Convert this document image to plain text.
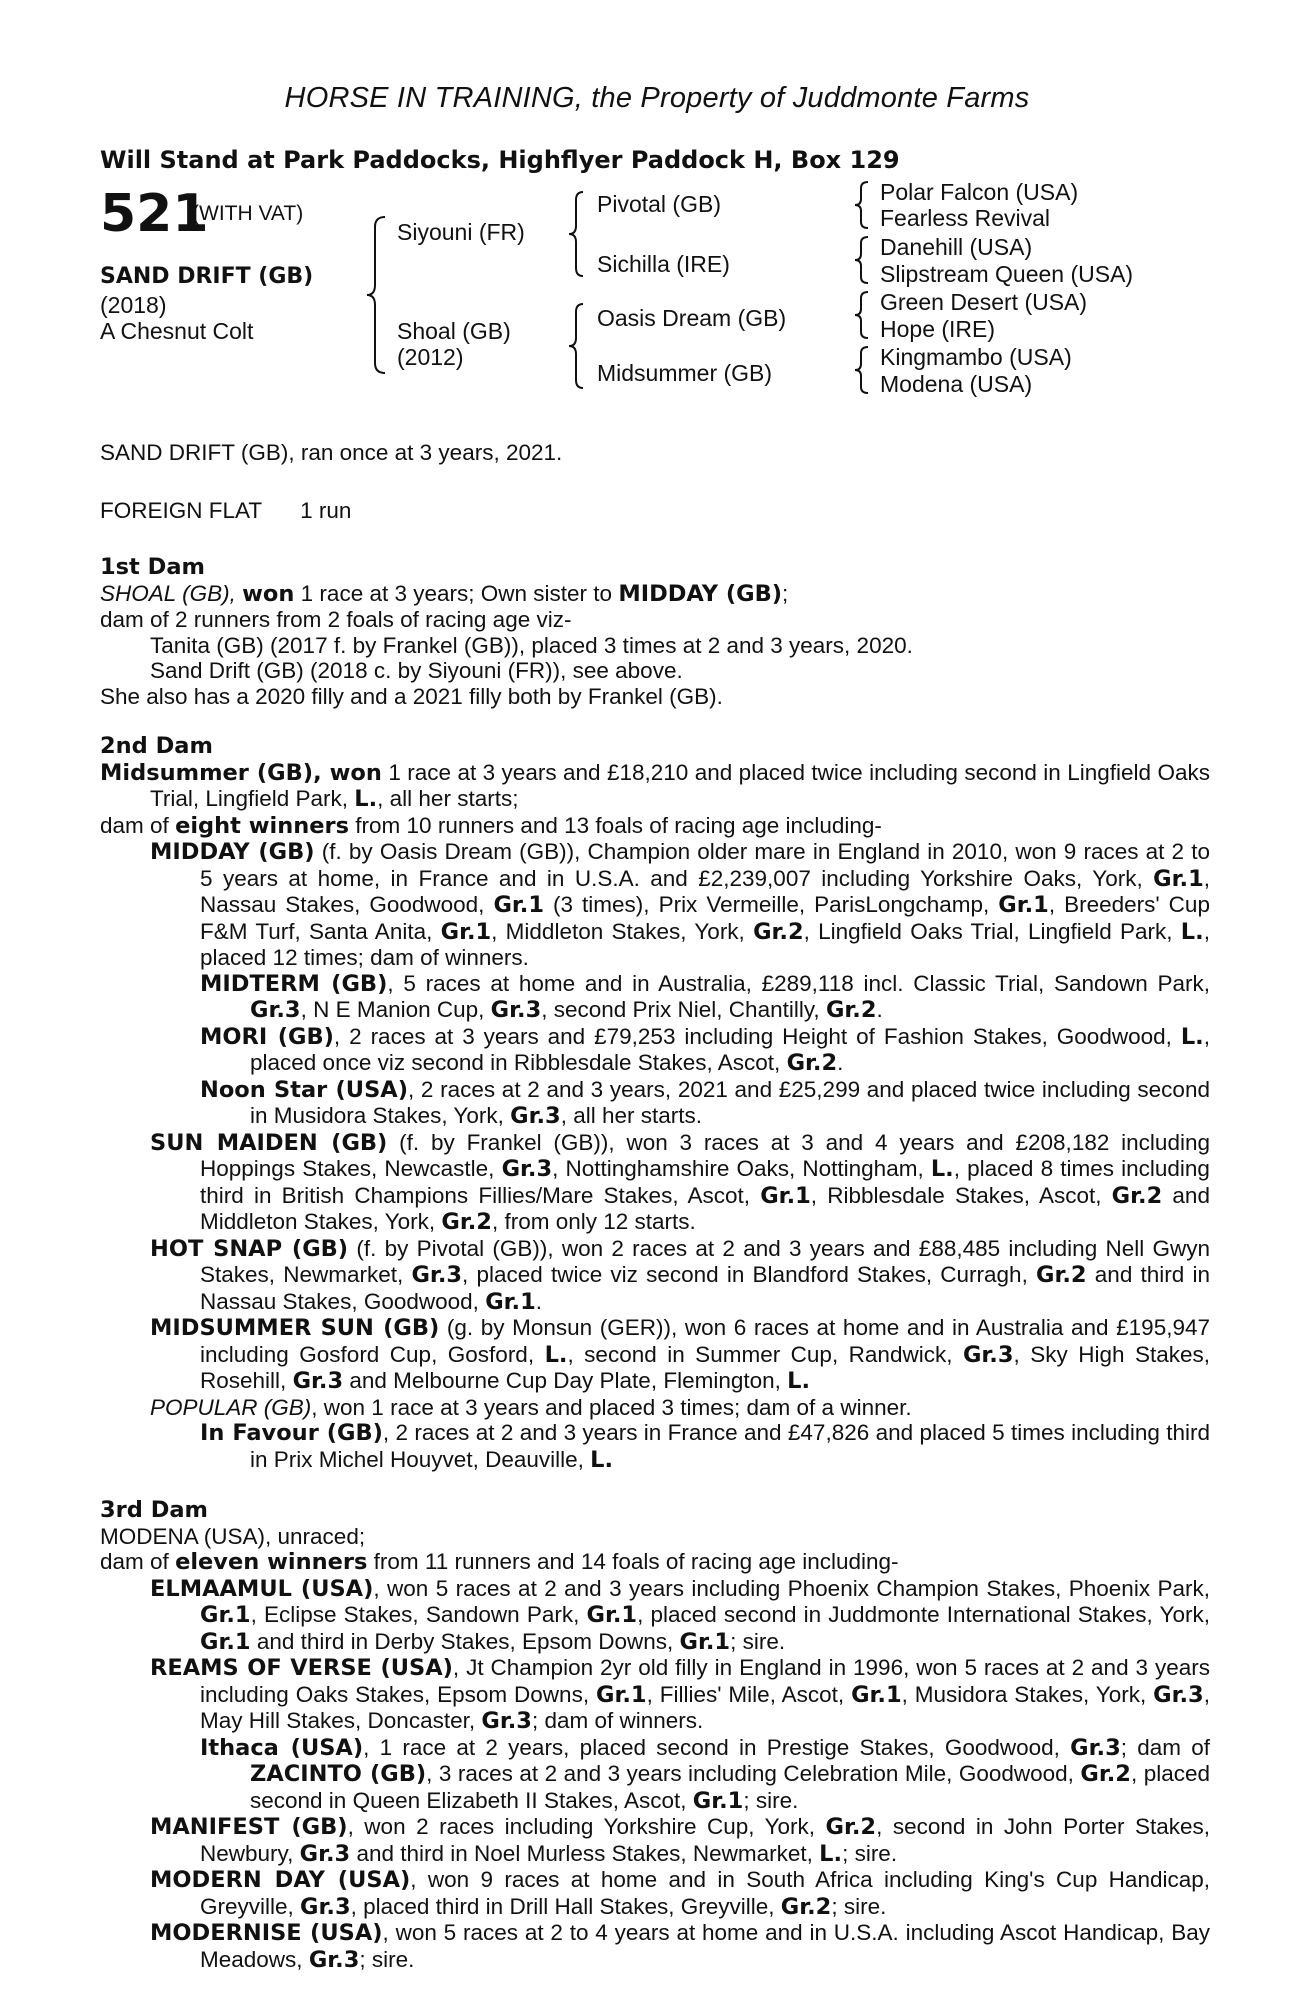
HORSE IN TRAINING, the Property of Juddmonte Farms
Will Stand at Park Paddocks, Highflyer Paddock H, Box 129
521
(WITH VAT)
SAND DRIFT (GB)
(2018)
A Chesnut Colt
Siyouni (FR)
Shoal (GB)
(2012)
Pivotal (GB)
Sichilla (IRE)
Oasis Dream (GB)
Midsummer (GB)
Polar Falcon (USA)
Fearless Revival
Danehill (USA)
Slipstream Queen (USA)
Green Desert (USA)
Hope (IRE)
Kingmambo (USA)
Modena (USA)

SAND DRIFT (GB), ran once at 3 years, 2021.

FOREIGN FLAT 1 run

1st Dam

SHOAL (GB), won 1 race at 3 years; Own sister to MIDDAY (GB);

dam of 2 runners from 2 foals of racing age viz-

Tanita (GB) (2017 f. by Frankel (GB)), placed 3 times at 2 and 3 years, 2020.

Sand Drift (GB) (2018 c. by Siyouni (FR)), see above.

She also has a 2020 filly and a 2021 filly both by Frankel (GB).

2nd Dam

Midsummer (GB), won 1 race at 3 years and £18,210 and placed twice including second in Lingfield Oaks Trial, Lingfield Park, L., all her starts;

dam of eight winners from 10 runners and 13 foals of racing age including-

MIDDAY (GB) (f. by Oasis Dream (GB)), Champion older mare in England in 2010, won 9 races at 2 to 5 years at home, in France and in U.S.A. and £2,239,007 including Yorkshire Oaks, York, Gr.1, Nassau Stakes, Goodwood, Gr.1 (3 times), Prix Vermeille, ParisLongchamp, Gr.1, Breeders' Cup F&M Turf, Santa Anita, Gr.1, Middleton Stakes, York, Gr.2, Lingfield Oaks Trial, Lingfield Park, L., placed 12 times; dam of winners.

MIDTERM (GB), 5 races at home and in Australia, £289,118 incl. Classic Trial, Sandown Park, Gr.3, N E Manion Cup, Gr.3, second Prix Niel, Chantilly, Gr.2.

MORI (GB), 2 races at 3 years and £79,253 including Height of Fashion Stakes, Goodwood, L., placed once viz second in Ribblesdale Stakes, Ascot, Gr.2.

Noon Star (USA), 2 races at 2 and 3 years, 2021 and £25,299 and placed twice including second in Musidora Stakes, York, Gr.3, all her starts.

SUN MAIDEN (GB) (f. by Frankel (GB)), won 3 races at 3 and 4 years and £208,182 including Hoppings Stakes, Newcastle, Gr.3, Nottinghamshire Oaks, Nottingham, L., placed 8 times including third in British Champions Fillies/Mare Stakes, Ascot, Gr.1, Ribblesdale Stakes, Ascot, Gr.2 and Middleton Stakes, York, Gr.2, from only 12 starts.

HOT SNAP (GB) (f. by Pivotal (GB)), won 2 races at 2 and 3 years and £88,485 including Nell Gwyn Stakes, Newmarket, Gr.3, placed twice viz second in Blandford Stakes, Curragh, Gr.2 and third in Nassau Stakes, Goodwood, Gr.1.

MIDSUMMER SUN (GB) (g. by Monsun (GER)), won 6 races at home and in Australia and £195,947 including Gosford Cup, Gosford, L., second in Summer Cup, Randwick, Gr.3, Sky High Stakes, Rosehill, Gr.3 and Melbourne Cup Day Plate, Flemington, L.

POPULAR (GB), won 1 race at 3 years and placed 3 times; dam of a winner.

In Favour (GB), 2 races at 2 and 3 years in France and £47,826 and placed 5 times including third in Prix Michel Houyvet, Deauville, L.

3rd Dam

MODENA (USA), unraced;

dam of eleven winners from 11 runners and 14 foals of racing age including-

ELMAAMUL (USA), won 5 races at 2 and 3 years including Phoenix Champion Stakes, Phoenix Park, Gr.1, Eclipse Stakes, Sandown Park, Gr.1, placed second in Juddmonte International Stakes, York, Gr.1 and third in Derby Stakes, Epsom Downs, Gr.1; sire.

REAMS OF VERSE (USA), Jt Champion 2yr old filly in England in 1996, won 5 races at 2 and 3 years including Oaks Stakes, Epsom Downs, Gr.1, Fillies' Mile, Ascot, Gr.1, Musidora Stakes, York, Gr.3, May Hill Stakes, Doncaster, Gr.3; dam of winners.

Ithaca (USA), 1 race at 2 years, placed second in Prestige Stakes, Goodwood, Gr.3; dam of ZACINTO (GB), 3 races at 2 and 3 years including Celebration Mile, Goodwood, Gr.2, placed second in Queen Elizabeth II Stakes, Ascot, Gr.1; sire.

MANIFEST (GB), won 2 races including Yorkshire Cup, York, Gr.2, second in John Porter Stakes, Newbury, Gr.3 and third in Noel Murless Stakes, Newmarket, L.; sire.

MODERN DAY (USA), won 9 races at home and in South Africa including King's Cup Handicap, Greyville, Gr.3, placed third in Drill Hall Stakes, Greyville, Gr.2; sire.

MODERNISE (USA), won 5 races at 2 to 4 years at home and in U.S.A. including Ascot Handicap, Bay Meadows, Gr.3; sire.
